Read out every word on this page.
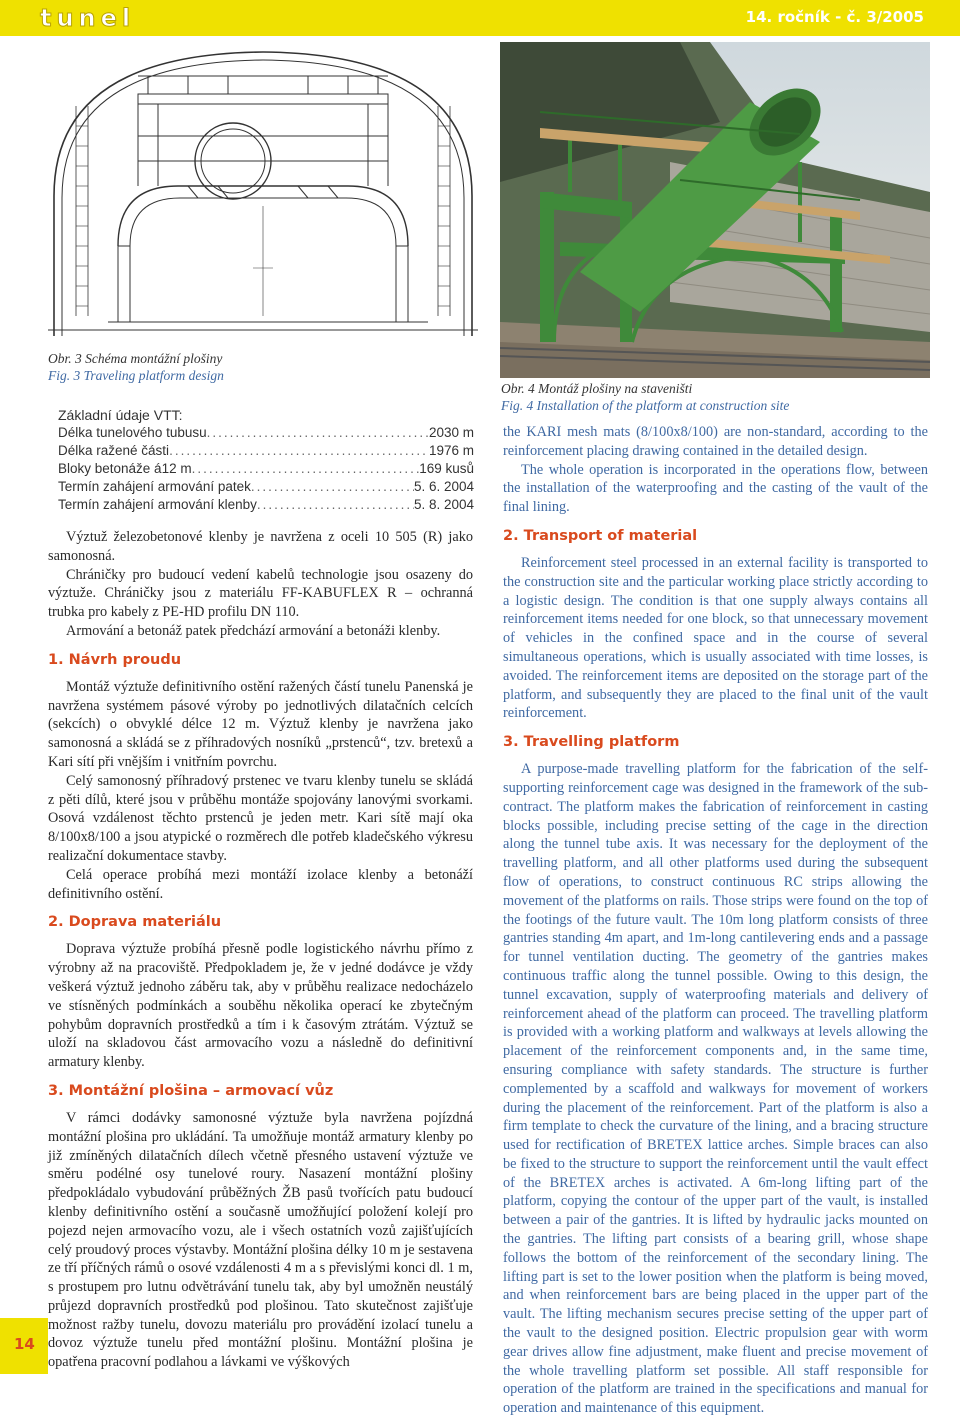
tunel	14. ročník - č. 3/2005
Obr. 3 Schéma montážní plošiny
Fig. 3 Traveling platform design
Obr. 4 Montáž plošiny na staveništi
Fig. 4 Installation of the platform at construction site
Základní údaje VTT:
Délka tunelového tubusu .....	2030 m
Délka ražené části .....	1976 m
Bloky betonáže á12 m .....	169 kusů
Termín zahájení armování patek .....	5. 6. 2004
Termín zahájení armování klenby .....	5. 8. 2004

Výztuž železobetonové klenby je navržena z oceli 10 505 (R) jako samonosná.

Chráničky pro budoucí vedení kabelů technologie jsou osazeny do výztuže. Chráničky jsou z materiálu FF-KABUFLEX R – ochranná trubka pro kabely z PE-HD profilu DN 110.

Armování a betonáž patek předchází armování a betonáži klenby.

1. Návrh proudu

Montáž výztuže definitivního ostění ražených částí tunelu Panenská je navržena systémem pásové výroby po jednotlivých dilatačních celcích (sekcích) o obvyklé délce 12 m. Výztuž klenby je navržena jako samonosná a skládá se z příhradových nosníků „prstenců“, tzv. bretexů a Kari sítí při vnějším i vnitřním povrchu.

Celý samonosný příhradový prstenec ve tvaru klenby tunelu se skládá z pěti dílů, které jsou v průběhu montáže spojovány lanovými svorkami. Osová vzdálenost těchto prstenců je jeden metr. Kari sítě mají oka 8/100x8/100 a jsou atypické o rozměrech dle potřeb kladečského výkresu realizační dokumentace stavby.

Celá operace probíhá mezi montáží izolace klenby a betonáží definitivního ostění.

2. Doprava materiálu

Doprava výztuže probíhá přesně podle logistického návrhu přímo z výrobny až na pracoviště. Předpokladem je, že v jedné dodávce je vždy veškerá výztuž jednoho záběru tak, aby v průběhu realizace nedocházelo ve stísněných podmínkách a souběhu několika operací ke zbytečným pohybům dopravních prostředků a tím i k časovým ztrátám. Výztuž se uloží na skladovou část armovacího vozu a následně do definitivní armatury klenby.

3. Montážní plošina – armovací vůz

V rámci dodávky samonosné výztuže byla navržena pojízdná montážní plošina pro ukládání. Ta umožňuje montáž armatury klenby po již zmíněných dilatačních dílech včetně přesného ustavení výztuže ve směru podélné osy tunelové roury. Nasazení montážní plošiny předpokládalo vybudování průběžných ŽB pasů tvořících patu budoucí klenby definitivního ostění a současně umožňující položení kolejí pro pojezd nejen armovacího vozu, ale i všech ostatních vozů zajišťujících celý proudový proces výstavby. Montážní plošina délky 10 m je sestavena ze tří příčných rámů o osové vzdálenosti 4 m a s převislými konci dl. 1 m, s prostupem pro lutnu odvětrávání tunelu tak, aby byl umožněn neustálý průjezd dopravních prostředků pod plošinou. Tato skutečnost zajišťuje možnost ražby tunelu, dovozu materiálu pro provádění izolací tunelu a dovoz výztuže tunelu před montážní plošinu. Montážní plošina je opatřena pracovní podlahou a lávkami ve výškových

the KARI mesh mats (8/100x8/100) are non-standard, according to the reinforcement placing drawing contained in the detailed design.

The whole operation is incorporated in the operations flow, between the installation of the waterproofing and the casting of the vault of the final lining.

2. Transport of material

Reinforcement steel processed in an external facility is transported to the construction site and the particular working place strictly according to a logistic design. The condition is that one supply always contains all reinforcement items needed for one block, so that unnecessary movement of vehicles in the confined space and in the course of several simultaneous operations, which is usually associated with time losses, is avoided. The reinforcement items are deposited on the storage part of the platform, and subsequently they are placed to the final unit of the vault reinforcement.

3. Travelling platform

A purpose-made travelling platform for the fabrication of the self-supporting reinforcement cage was designed in the framework of the sub-contract. The platform makes the fabrication of reinforcement in casting blocks possible, including precise setting of the cage in the direction along the tunnel tube axis. It was necessary for the deployment of the travelling platform, and all other platforms used during the subsequent flow of operations, to construct continuous RC strips allowing the movement of the platforms on rails. Those strips were found on the top of the footings of the future vault. The 10m long platform consists of three gantries standing 4m apart, and 1m-long cantilevering ends and a passage for tunnel ventilation ducting. The geometry of the gantries makes continuous traffic along the tunnel possible. Owing to this design, the tunnel excavation, supply of waterproofing materials and delivery of reinforcement ahead of the platform can proceed. The travelling platform is provided with a working platform and walkways at levels allowing the placement of the reinforcement components and, in the same time, ensuring compliance with safety standards. The structure is further complemented by a scaffold and walkways for movement of workers during the placement of the reinforcement. Part of the platform is also a firm template to check the curvature of the lining, and a bracing structure used for rectification of BRETEX lattice arches. Simple braces can also be fixed to the structure to support the reinforcement until the vault effect of the BRETEX arches is activated. A 6m-long lifting part of the platform, copying the contour of the upper part of the vault, is installed between a pair of the gantries. It is lifted by hydraulic jacks mounted on the gantries. The lifting part consists of a bearing grill, whose shape follows the bottom of the reinforcement of the secondary lining. The lifting part is set to the lower position when the platform is being moved, and when reinforcement bars are being placed in the upper part of the vault. The lifting mechanism secures precise setting of the upper part of the vault to the designed position. Electric propulsion gear with worm gear drives allow fine adjustment, make fluent and precise movement of the whole travelling platform set possible. All staff responsible for operation of the platform are trained in the specifications and manual for operation and maintenance of this equipment.

14
